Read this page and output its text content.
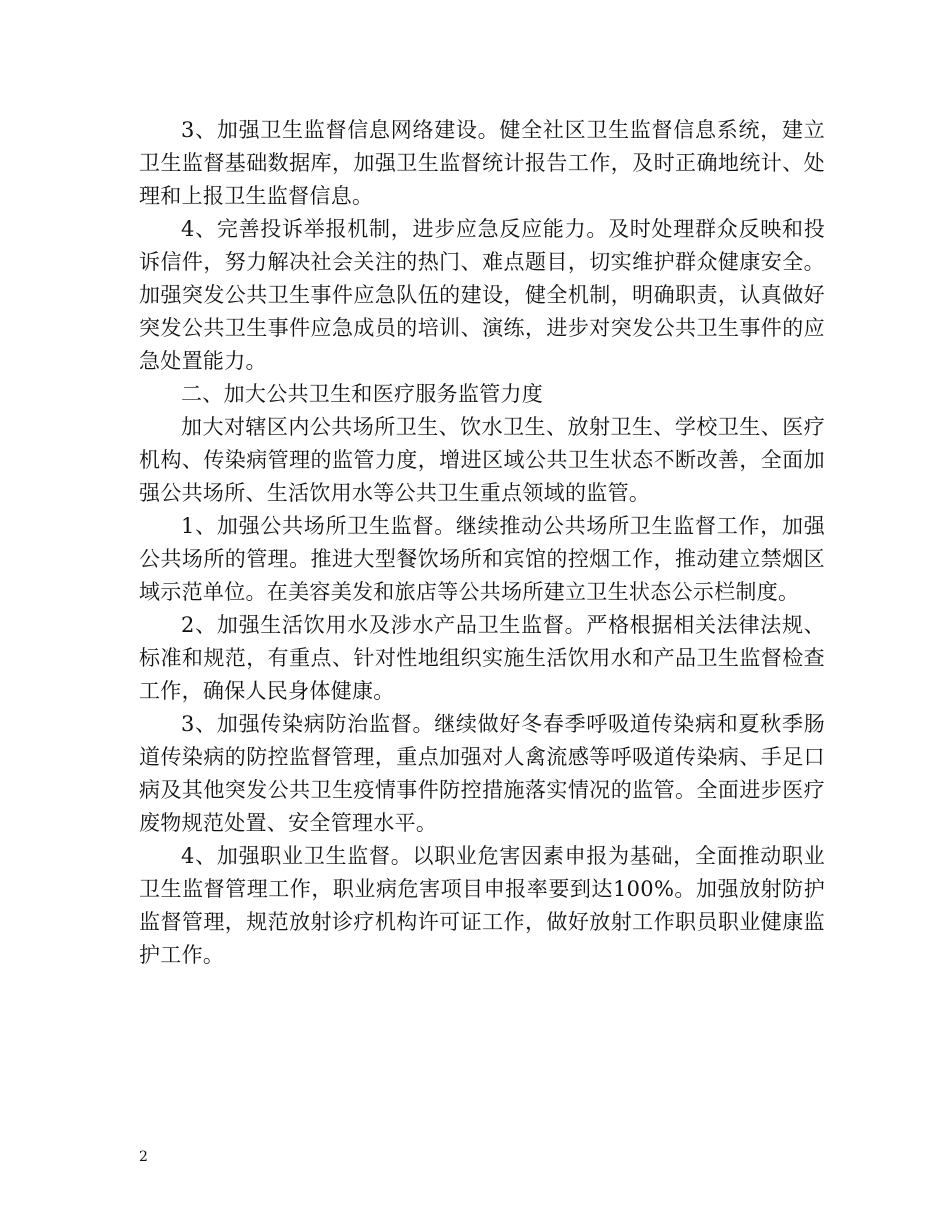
3、加强卫生监督信息网络建设。健全社区卫生监督信息系统，建立卫生监督基础数据库，加强卫生监督统计报告工作，及时正确地统计、处理和上报卫生监督信息。

4、完善投诉举报机制，进步应急反应能力。及时处理群众反映和投诉信件，努力解决社会关注的热门、难点题目，切实维护群众健康安全。加强突发公共卫生事件应急队伍的建设，健全机制，明确职责，认真做好突发公共卫生事件应急成员的培训、演练，进步对突发公共卫生事件的应急处置能力。

二、加大公共卫生和医疗服务监管力度

加大对辖区内公共场所卫生、饮水卫生、放射卫生、学校卫生、医疗机构、传染病管理的监管力度，增进区域公共卫生状态不断改善，全面加强公共场所、生活饮用水等公共卫生重点领域的监管。

1、加强公共场所卫生监督。继续推动公共场所卫生监督工作，加强公共场所的管理。推进大型餐饮场所和宾馆的控烟工作，推动建立禁烟区域示范单位。在美容美发和旅店等公共场所建立卫生状态公示栏制度。

2、加强生活饮用水及涉水产品卫生监督。严格根据相关法律法规、标准和规范，有重点、针对性地组织实施生活饮用水和产品卫生监督检查工作，确保人民身体健康。

3、加强传染病防治监督。继续做好冬春季呼吸道传染病和夏秋季肠道传染病的防控监督管理，重点加强对人禽流感等呼吸道传染病、手足口病及其他突发公共卫生疫情事件防控措施落实情况的监管。全面进步医疗废物规范处置、安全管理水平。

4、加强职业卫生监督。以职业危害因素申报为基础，全面推动职业卫生监督管理工作，职业病危害项目申报率要到达100%。加强放射防护监督管理，规范放射诊疗机构许可证工作，做好放射工作职员职业健康监护工作。

2
